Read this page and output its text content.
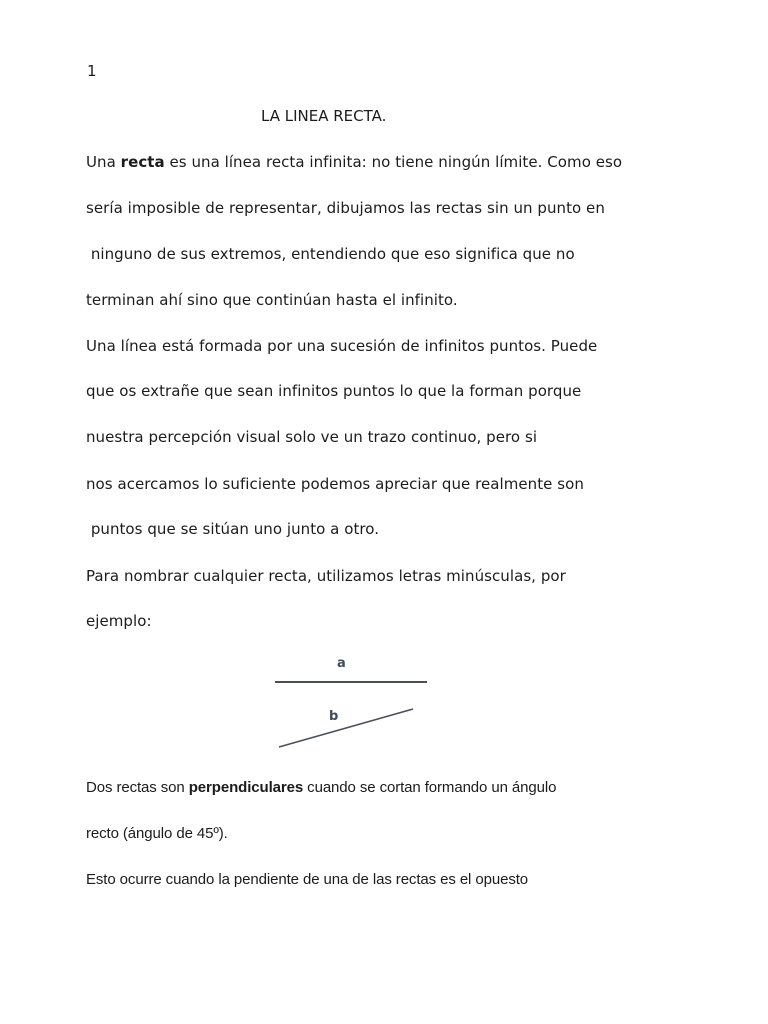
1
LA LINEA RECTA.
Una recta es una línea recta infinita: no tiene ningún límite. Como eso
sería imposible de representar, dibujamos las rectas sin un punto en
ninguno de sus extremos, entendiendo que eso significa que no
terminan ahí sino que continúan hasta el infinito.
Una línea está formada por una sucesión de infinitos puntos. Puede
que os extrañe que sean infinitos puntos lo que la forman porque
nuestra percepción visual solo ve un trazo continuo, pero si
nos acercamos lo suficiente podemos apreciar que realmente son
puntos que se sitúan uno junto a otro.
Para nombrar cualquier recta, utilizamos letras minúsculas, por
ejemplo:
a
b
Dos rectas son perpendiculares cuando se cortan formando un ángulo
recto (ángulo de 45º).
Esto ocurre cuando la pendiente de una de las rectas es el opuesto
